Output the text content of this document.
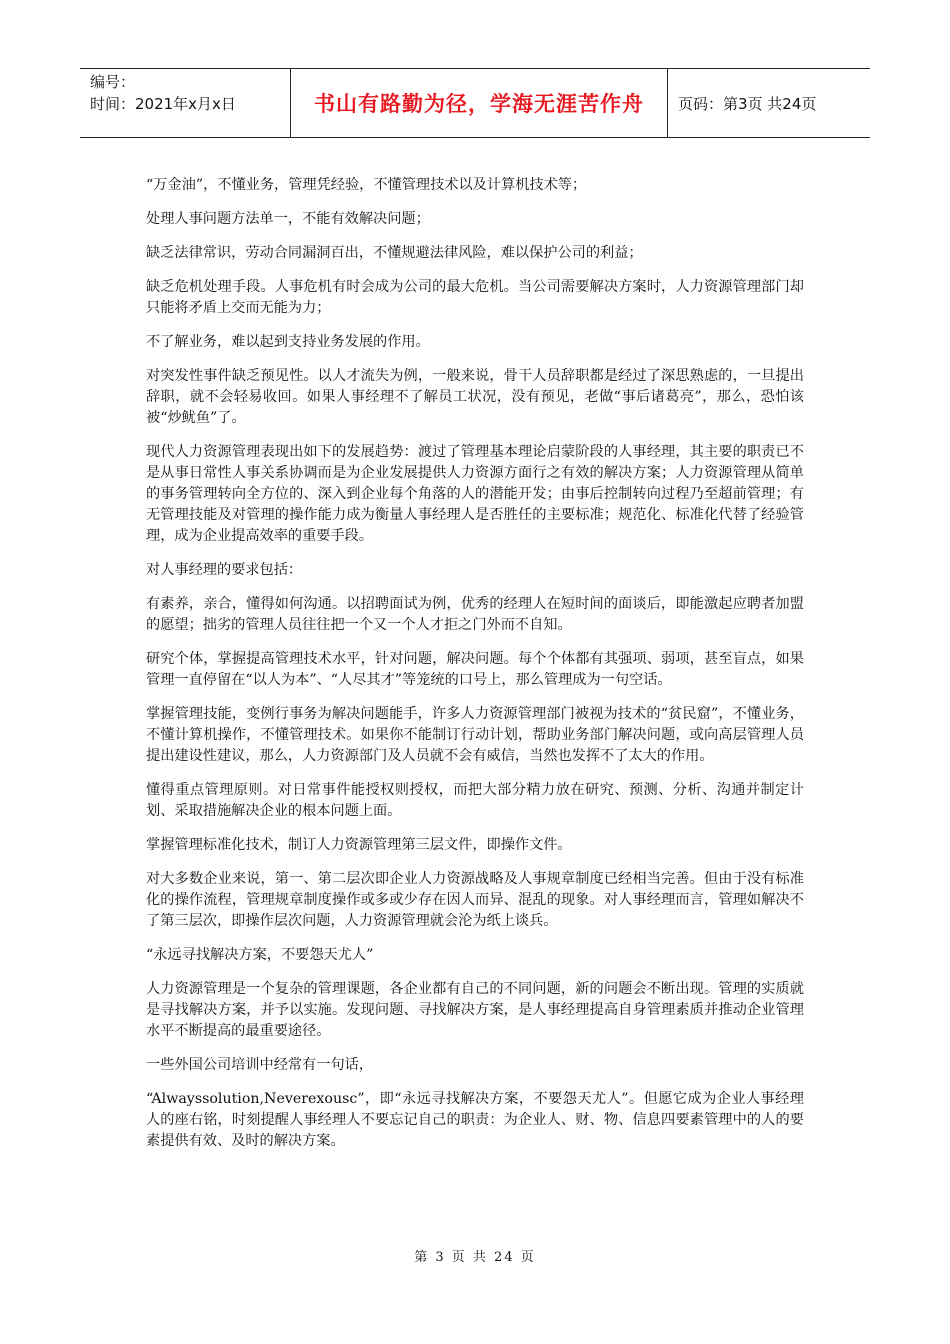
编号：
时间：2021年x月x日	书山有路勤为径，学海无涯苦作舟	页码：第3页 共24页

“万金油”，不懂业务，管理凭经验，不懂管理技术以及计算机技术等；

处理人事问题方法单一，不能有效解决问题；

缺乏法律常识，劳动合同漏洞百出，不懂规避法律风险，难以保护公司的利益；

缺乏危机处理手段。人事危机有时会成为公司的最大危机。当公司需要解决方案时，人力资源管理部门却只能将矛盾上交而无能为力；

不了解业务，难以起到支持业务发展的作用。

对突发性事件缺乏预见性。以人才流失为例，一般来说，骨干人员辞职都是经过了深思熟虑的，一旦提出辞职，就不会轻易收回。如果人事经理不了解员工状况，没有预见，老做“事后诸葛亮”，那么，恐怕该被“炒鱿鱼”了。

现代人力资源管理表现出如下的发展趋势：渡过了管理基本理论启蒙阶段的人事经理，其主要的职责已不是从事日常性人事关系协调而是为企业发展提供人力资源方面行之有效的解决方案；人力资源管理从简单的事务管理转向全方位的、深入到企业每个角落的人的潜能开发；由事后控制转向过程乃至超前管理；有无管理技能及对管理的操作能力成为衡量人事经理人是否胜任的主要标准；规范化、标准化代替了经验管理，成为企业提高效率的重要手段。

对人事经理的要求包括：

有素养，亲合，懂得如何沟通。以招聘面试为例，优秀的经理人在短时间的面谈后，即能激起应聘者加盟的愿望；拙劣的管理人员往往把一个又一个人才拒之门外而不自知。

研究个体，掌握提高管理技术水平，针对问题，解决问题。每个个体都有其强项、弱项，甚至盲点，如果管理一直停留在“以人为本”、“人尽其才”等笼统的口号上，那么管理成为一句空话。

掌握管理技能，变例行事务为解决问题能手，许多人力资源管理部门被视为技术的“贫民窟”，不懂业务，不懂计算机操作，不懂管理技术。如果你不能制订行动计划，帮助业务部门解决问题，或向高层管理人员提出建设性建议，那么，人力资源部门及人员就不会有威信，当然也发挥不了太大的作用。

懂得重点管理原则。对日常事件能授权则授权，而把大部分精力放在研究、预测、分析、沟通并制定计划、采取措施解决企业的根本问题上面。

掌握管理标准化技术，制订人力资源管理第三层文件，即操作文件。

对大多数企业来说，第一、第二层次即企业人力资源战略及人事规章制度已经相当完善。但由于没有标准化的操作流程，管理规章制度操作或多或少存在因人而异、混乱的现象。对人事经理而言，管理如解决不了第三层次，即操作层次问题，人力资源管理就会沦为纸上谈兵。

“永远寻找解决方案，不要怨天尤人”

人力资源管理是一个复杂的管理课题，各企业都有自己的不同问题，新的问题会不断出现。管理的实质就是寻找解决方案，并予以实施。发现问题、寻找解决方案，是人事经理提高自身管理素质并推动企业管理水平不断提高的最重要途径。

一些外国公司培训中经常有一句话，

“Alwayssolution,Neverexousc”，即“永远寻找解决方案，不要怨天尤人”。但愿它成为企业人事经理人的座右铭，时刻提醒人事经理人不要忘记自己的职责：为企业人、财、物、信息四要素管理中的人的要素提供有效、及时的解决方案。

第 3 页 共 24 页
